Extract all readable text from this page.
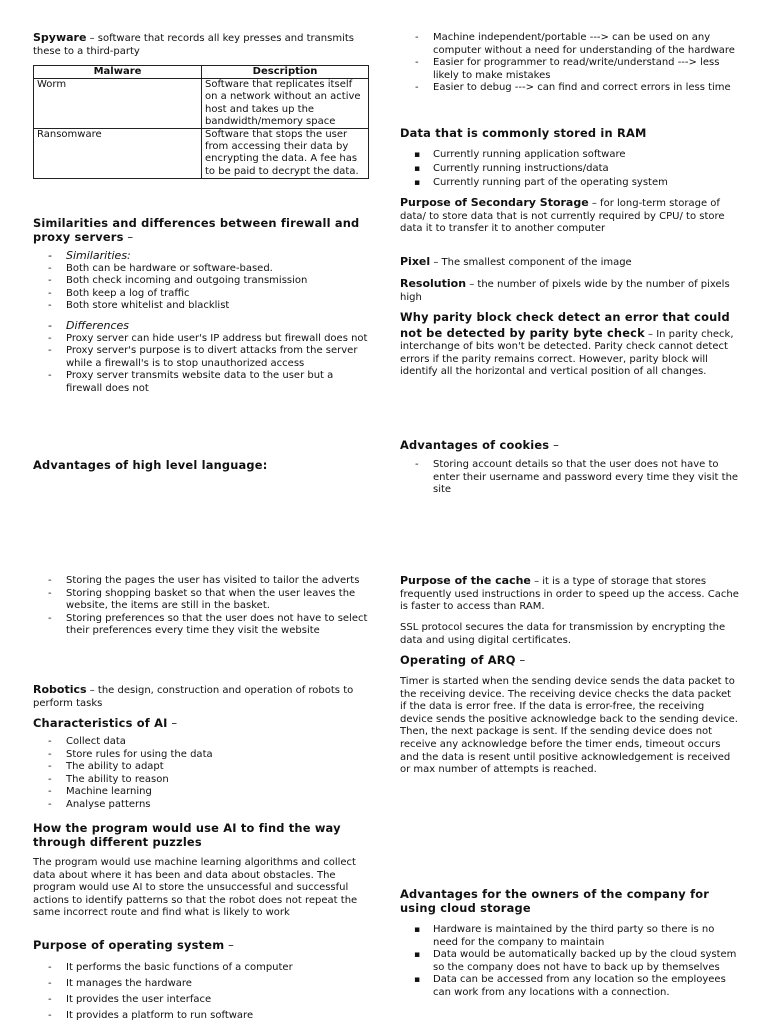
Spyware – software that records all key presses and transmits these to a third-party

Malware	Description
Worm	Software that replicates itself on a network without an active host and takes up the bandwidth/memory space
Ransomware	Software that stops the user from accessing their data by encrypting the data. A fee has to be paid to decrypt the data.

Similarities and differences between firewall and proxy servers –

- Similarities:
- Both can be hardware or software-based.
- Both check incoming and outgoing transmission
- Both keep a log of traffic
- Both store whitelist and blacklist
- Differences
- Proxy server can hide user's IP address but firewall does not
- Proxy server's purpose is to divert attacks from the server while a firewall's is to stop unauthorized access
- Proxy server transmits website data to the user but a firewall does not

Advantages of high level language:

- Storing the pages the user has visited to tailor the adverts
- Storing shopping basket so that when the user leaves the website, the items are still in the basket.
- Storing preferences so that the user does not have to select their preferences every time they visit the website

Robotics – the design, construction and operation of robots to perform tasks

Characteristics of AI –

- Collect data
- Store rules for using the data
- The ability to adapt
- The ability to reason
- Machine learning
- Analyse patterns

How the program would use AI to find the way through different puzzles

The program would use machine learning algorithms and collect data about where it has been and data about obstacles. The program would use AI to store the unsuccessful and successful actions to identify patterns so that the robot does not repeat the same incorrect route and find what is likely to work

Purpose of operating system –

- It performs the basic functions of a computer
- It manages the hardware
- It provides the user interface
- It provides a platform to run software
- Machine independent/portable ---> can be used on any computer without a need for understanding of the hardware
- Easier for programmer to read/write/understand ---> less likely to make mistakes
- Easier to debug ---> can find and correct errors in less time

Data that is commonly stored in RAM

▪ Currently running application software
▪ Currently running instructions/data
▪ Currently running part of the operating system

Purpose of Secondary Storage – for long-term storage of data/ to store data that is not currently required by CPU/ to store data it to transfer it to another computer

Pixel – The smallest component of the image

Resolution – the number of pixels wide by the number of pixels high

Why parity block check detect an error that could not be detected by parity byte check – In parity check, interchange of bits won't be detected. Parity check cannot detect errors if the parity remains correct. However, parity block will identify all the horizontal and vertical position of all changes.

Advantages of cookies –

- Storing account details so that the user does not have to enter their username and password every time they visit the site

Purpose of the cache – it is a type of storage that stores frequently used instructions in order to speed up the access. Cache is faster to access than RAM.

SSL protocol secures the data for transmission by encrypting the data and using digital certificates.

Operating of ARQ –

Timer is started when the sending device sends the data packet to the receiving device. The receiving device checks the data packet if the data is error free. If the data is error-free, the receiving device sends the positive acknowledge back to the sending device. Then, the next package is sent. If the sending device does not receive any acknowledge before the timer ends, timeout occurs and the data is resent until positive acknowledgement is received or max number of attempts is reached.

Advantages for the owners of the company for using cloud storage

▪ Hardware is maintained by the third party so there is no need for the company to maintain
▪ Data would be automatically backed up by the cloud system so the company does not have to back up by themselves
▪ Data can be accessed from any location so the employees can work from any locations with a connection.
